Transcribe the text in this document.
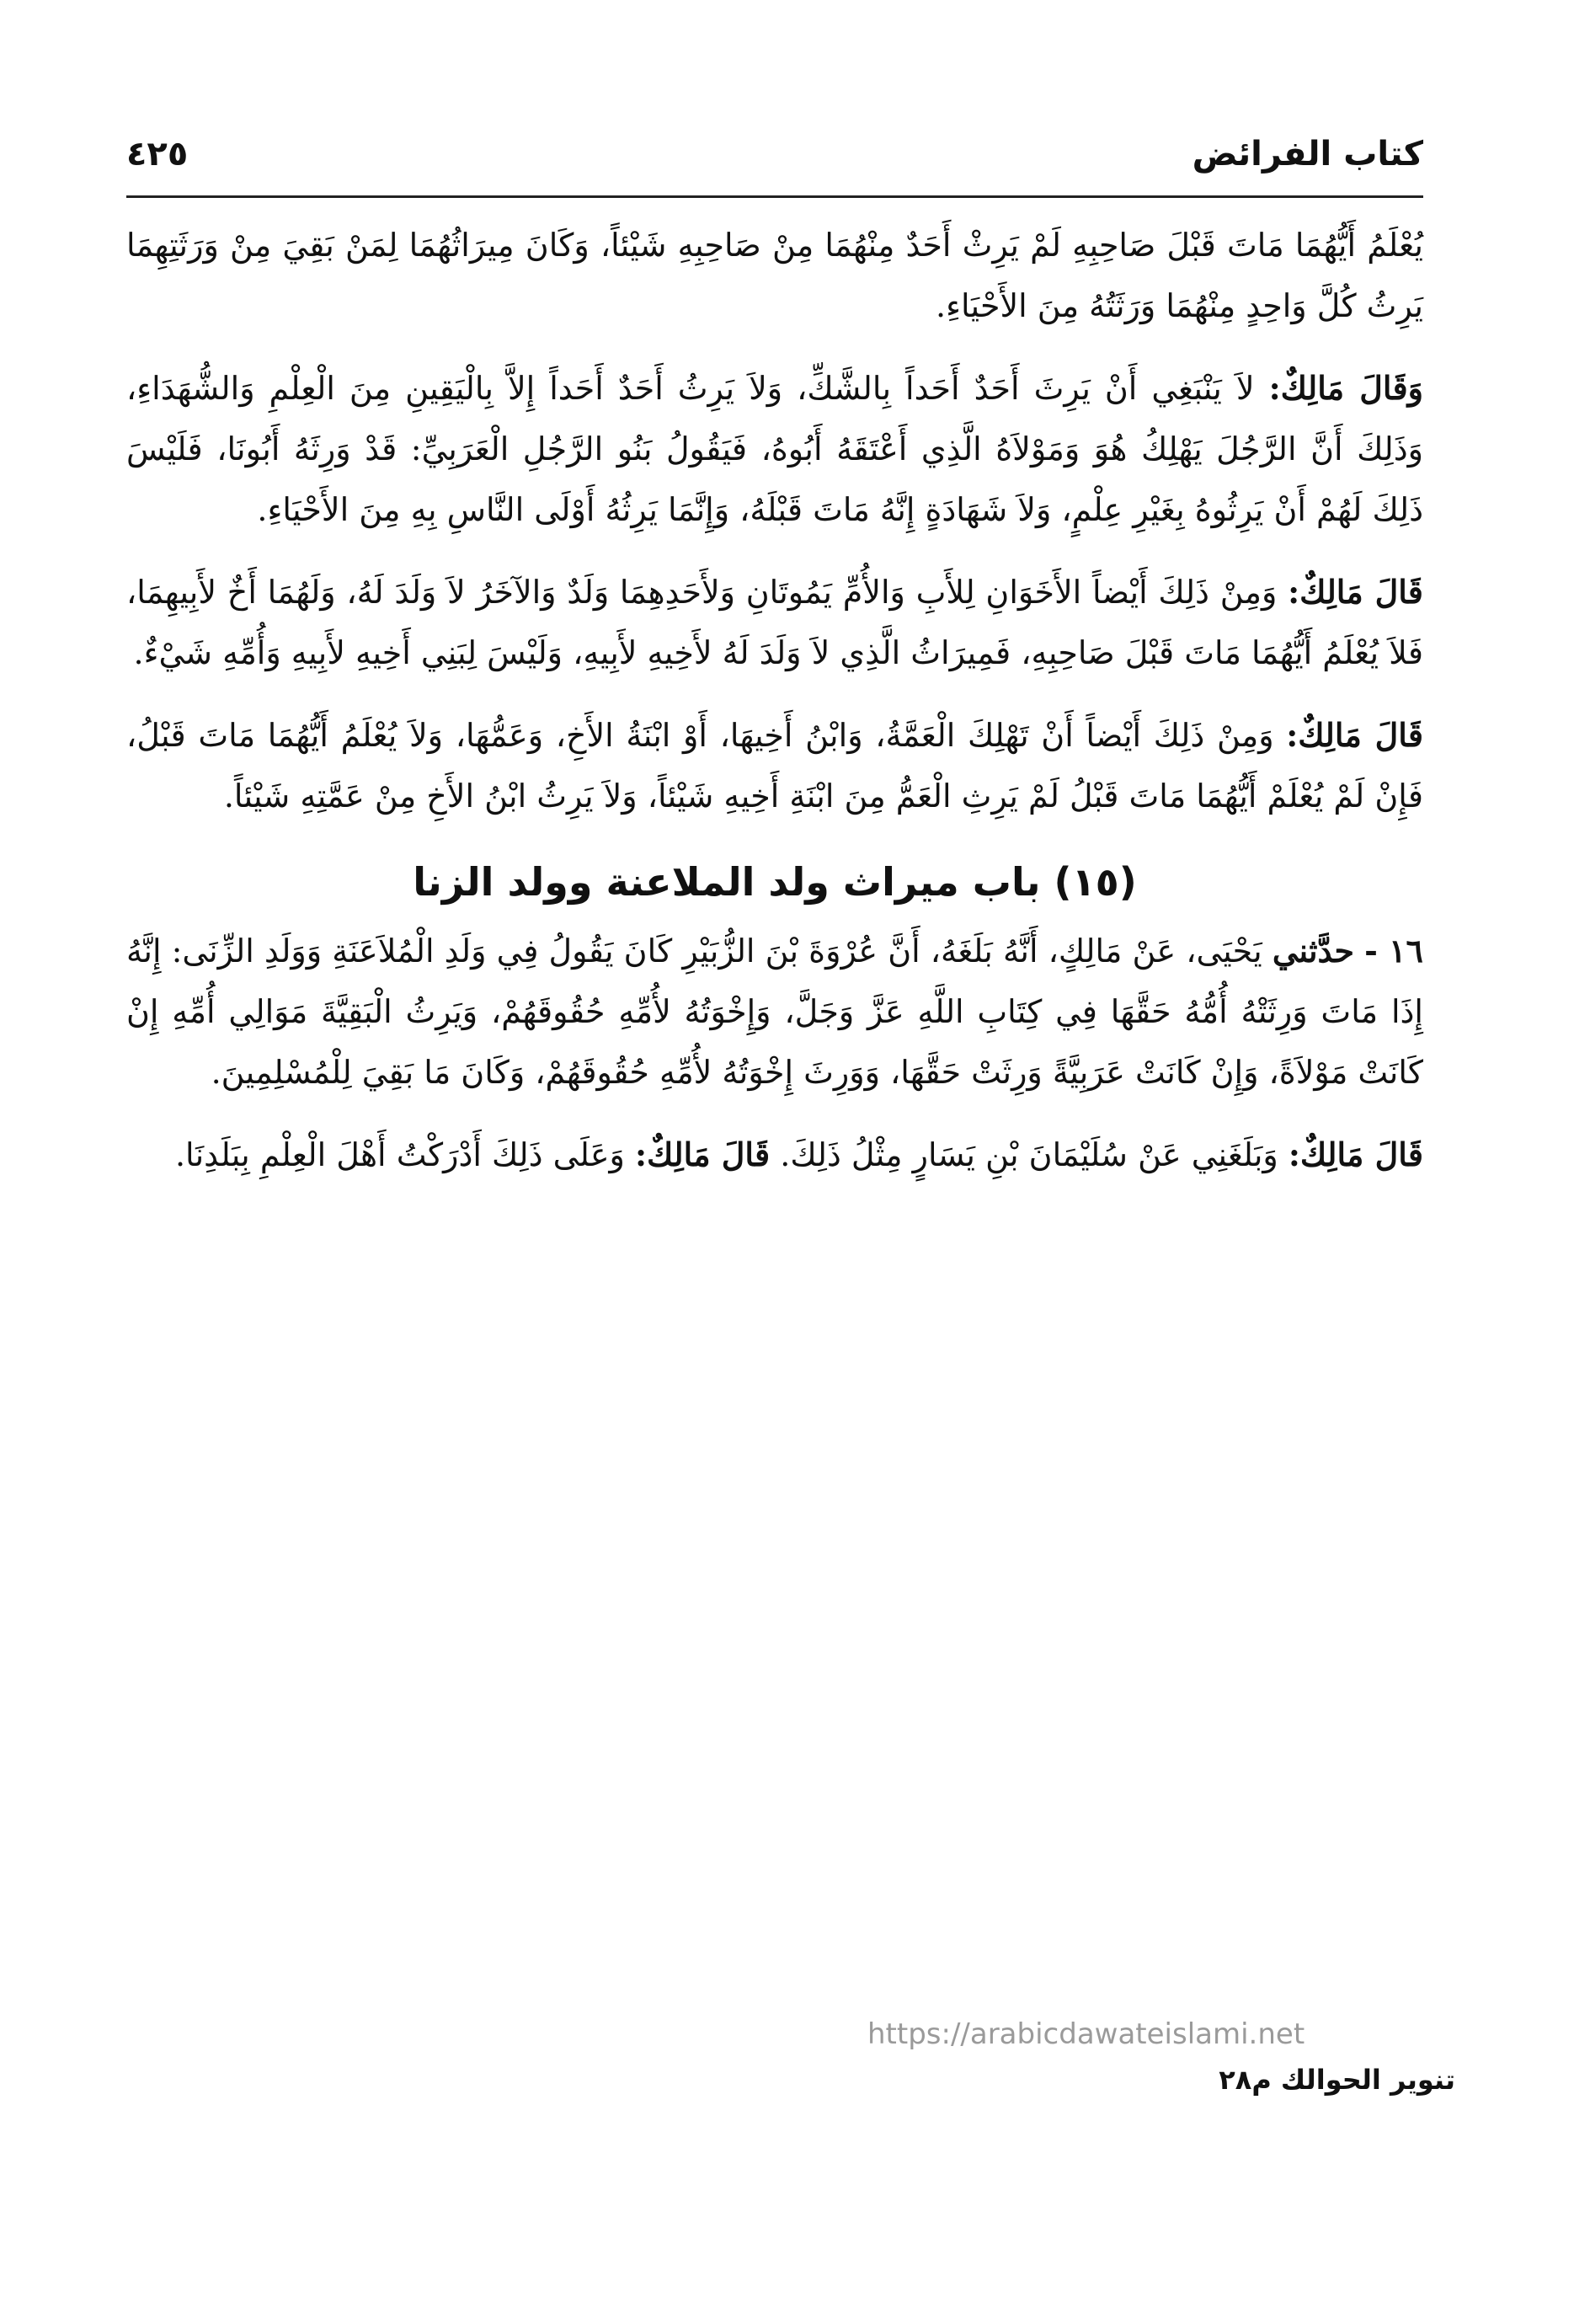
كتاب الفرائض
٤٢٥

يُعْلَمُ أَيُّهُمَا مَاتَ قَبْلَ صَاحِبِهِ لَمْ يَرِثْ أَحَدٌ مِنْهُمَا مِنْ صَاحِبِهِ شَيْئاً، وَكَانَ مِيرَاثُهُمَا لِمَنْ بَقِيَ مِنْ وَرَثَتِهِمَا يَرِثُ كُلَّ وَاحِدٍ مِنْهُمَا وَرَثَتُهُ مِنَ الأَحْيَاءِ.

وَقَالَ مَالِكٌ: لاَ يَنْبَغِي أَنْ يَرِثَ أَحَدٌ أَحَداً بِالشَّكِّ، وَلاَ يَرِثُ أَحَدٌ أَحَداً إِلاَّ بِالْيَقِينِ مِنَ الْعِلْمِ وَالشُّهَدَاءِ، وَذَلِكَ أَنَّ الرَّجُلَ يَهْلِكُ هُوَ وَمَوْلاَهُ الَّذِي أَعْتَقَهُ أَبُوهُ، فَيَقُولُ بَنُو الرَّجُلِ الْعَرَبِيِّ: قَدْ وَرِثَهُ أَبُونَا، فَلَيْسَ ذَلِكَ لَهُمْ أَنْ يَرِثُوهُ بِغَيْرِ عِلْمٍ، وَلاَ شَهَادَةٍ إِنَّهُ مَاتَ قَبْلَهُ، وَإِنَّمَا يَرِثُهُ أَوْلَى النَّاسِ بِهِ مِنَ الأَحْيَاءِ.

قَالَ مَالِكٌ: وَمِنْ ذَلِكَ أَيْضاً الأَخَوَانِ لِلأَبِ وَالأُمِّ يَمُوتَانِ وَلأَحَدِهِمَا وَلَدٌ وَالآخَرُ لاَ وَلَدَ لَهُ، وَلَهُمَا أَخٌ لأَبِيهِمَا، فَلاَ يُعْلَمُ أَيُّهُمَا مَاتَ قَبْلَ صَاحِبِهِ، فَمِيرَاثُ الَّذِي لاَ وَلَدَ لَهُ لأَخِيهِ لأَبِيهِ، وَلَيْسَ لِبَنِي أَخِيهِ لأَبِيهِ وَأُمِّهِ شَيْءٌ.

قَالَ مَالِكٌ: وَمِنْ ذَلِكَ أَيْضاً أَنْ تَهْلِكَ الْعَمَّةُ، وَابْنُ أَخِيهَا، أَوْ ابْنَةُ الأَخِ، وَعَمُّهَا، وَلاَ يُعْلَمُ أَيُّهُمَا مَاتَ قَبْلُ، فَإِنْ لَمْ يُعْلَمْ أَيُّهُمَا مَاتَ قَبْلُ لَمْ يَرِثِ الْعَمُّ مِنَ ابْنَةِ أَخِيهِ شَيْئاً، وَلاَ يَرِثُ ابْنُ الأَخِ مِنْ عَمَّتِهِ شَيْئاً.

(١٥) باب ميراث ولد الملاعنة وولد الزنا

١٦ - حدَّثني يَحْيَى، عَنْ مَالِكٍ، أَنَّهُ بَلَغَهُ، أَنَّ عُرْوَةَ بْنَ الزُّبَيْرِ كَانَ يَقُولُ فِي وَلَدِ الْمُلاَعَنَةِ وَوَلَدِ الزِّنَى: إِنَّهُ إِذَا مَاتَ وَرِثَتْهُ أُمُّهُ حَقَّهَا فِي كِتَابِ اللَّهِ عَزَّ وَجَلَّ، وَإِخْوَتُهُ لأُمِّهِ حُقُوقَهُمْ، وَيَرِثُ الْبَقِيَّةَ مَوَالِي أُمِّهِ إِنْ كَانَتْ مَوْلاَةً، وَإِنْ كَانَتْ عَرَبِيَّةً وَرِثَتْ حَقَّهَا، وَوَرِثَ إِخْوَتُهُ لأُمِّهِ حُقُوقَهُمْ، وَكَانَ مَا بَقِيَ لِلْمُسْلِمِينَ.

قَالَ مَالِكٌ: وَبَلَغَنِي عَنْ سُلَيْمَانَ بْنِ يَسَارٍ مِثْلُ ذَلِكَ. قَالَ مَالِكٌ: وَعَلَى ذَلِكَ أَدْرَكْتُ أَهْلَ الْعِلْمِ بِبَلَدِنَا.

https://arabicdawateislami.net
تنوير الحوالك م٢٨
